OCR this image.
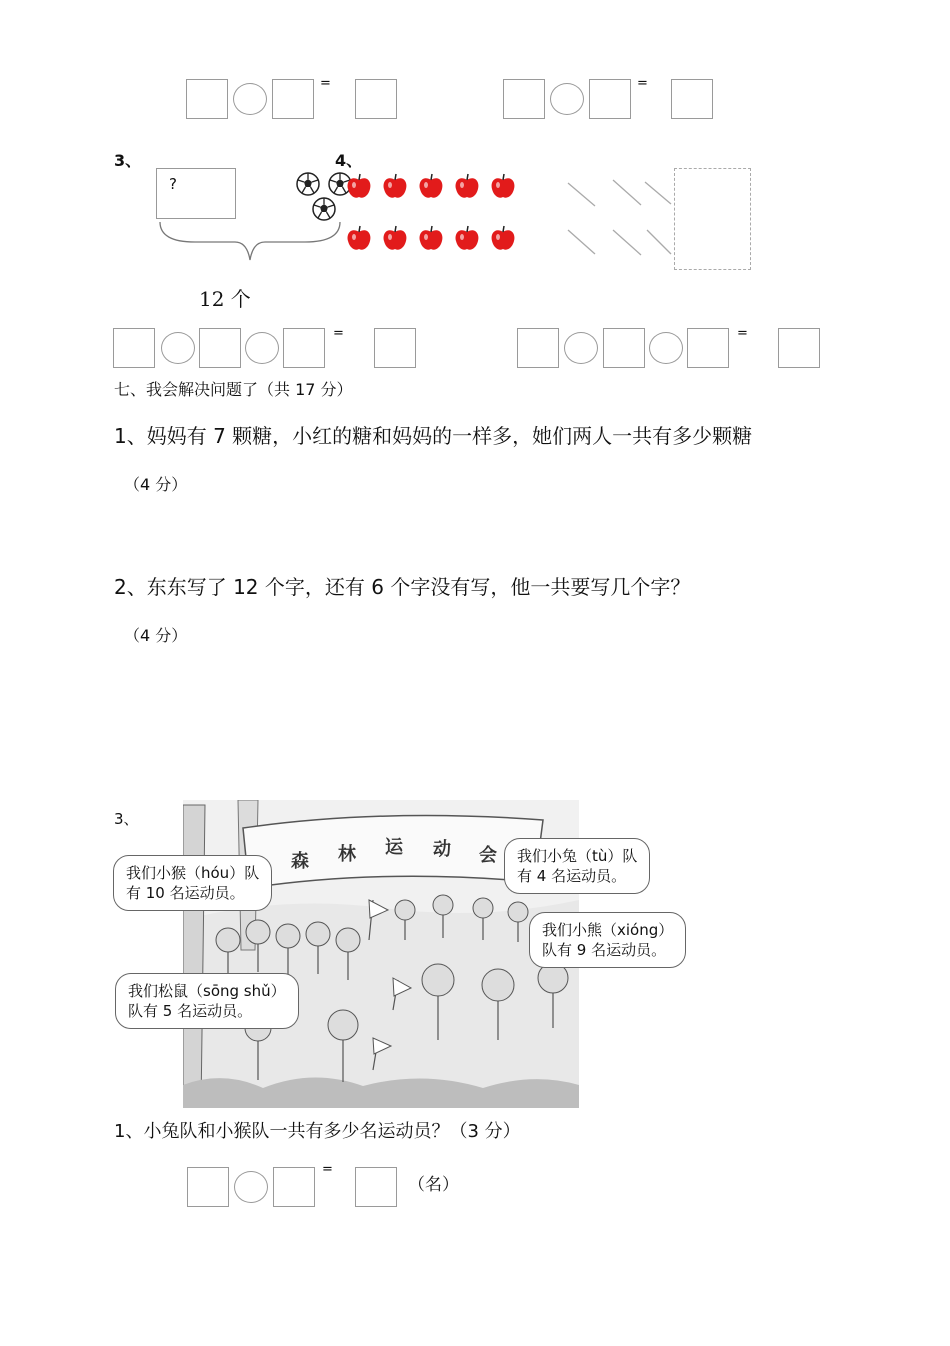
=	=
3、
?
12 个
4、
=	=
七、我会解决问题了（共 17 分）
1、妈妈有 7 颗糖，小红的糖和妈妈的一样多，她们两人一共有多少颗糖
（4 分）
2、东东写了 12 个字，还有 6 个字没有写，他一共要写几个字？
（4 分）
3、
森 林 运 动 会
我们小猴（hóu）队
有 10 名运动员。
我们小兔（tù）队
有 4 名运动员。
我们小熊（xióng）
队有 9 名运动员。
我们松鼠（sōng shǔ）
队有 5 名运动员。
1、小兔队和小猴队一共有多少名运动员？（3 分）
=
（名）
